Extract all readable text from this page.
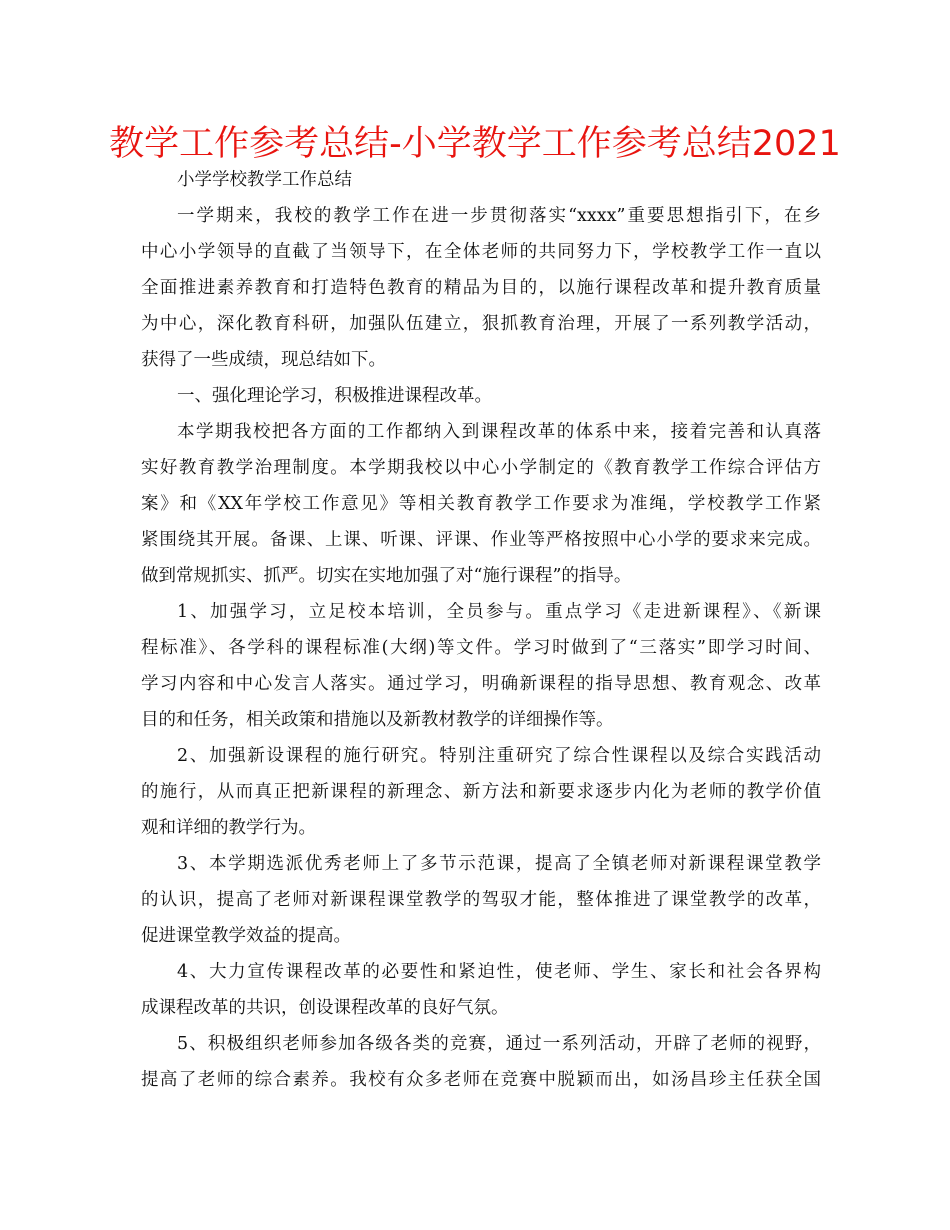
教学工作参考总结-小学教学工作参考总结2021
小学学校教学工作总结
一学期来，我校的教学工作在进一步贯彻落实“xxxx”重要思想指引下，在乡
中心小学领导的直截了当领导下，在全体老师的共同努力下，学校教学工作一直以
全面推进素养教育和打造特色教育的精品为目的，以施行课程改革和提升教育质量
为中心，深化教育科研，加强队伍建立，狠抓教育治理，开展了一系列教学活动，
获得了一些成绩，现总结如下。
一、强化理论学习，积极推进课程改革。
本学期我校把各方面的工作都纳入到课程改革的体系中来，接着完善和认真落
实好教育教学治理制度。本学期我校以中心小学制定的《教育教学工作综合评估方
案》和《XX年学校工作意见》等相关教育教学工作要求为准绳，学校教学工作紧
紧围绕其开展。备课、上课、听课、评课、作业等严格按照中心小学的要求来完成。
做到常规抓实、抓严。切实在实地加强了对“施行课程”的指导。
1、加强学习，立足校本培训，全员参与。重点学习《走进新课程》、《新课
程标准》、各学科的课程标准(大纲)等文件。学习时做到了“三落实”即学习时间、
学习内容和中心发言人落实。通过学习，明确新课程的指导思想、教育观念、改革
目的和任务，相关政策和措施以及新教材教学的详细操作等。
2、加强新设课程的施行研究。特别注重研究了综合性课程以及综合实践活动
的施行，从而真正把新课程的新理念、新方法和新要求逐步内化为老师的教学价值
观和详细的教学行为。
3、本学期选派优秀老师上了多节示范课，提高了全镇老师对新课程课堂教学
的认识，提高了老师对新课程课堂教学的驾驭才能，整体推进了课堂教学的改革，
促进课堂教学效益的提高。
4、大力宣传课程改革的必要性和紧迫性，使老师、学生、家长和社会各界构
成课程改革的共识，创设课程改革的良好气氛。
5、积极组织老师参加各级各类的竞赛，通过一系列活动，开辟了老师的视野，
提高了老师的综合素养。我校有众多老师在竞赛中脱颖而出，如汤昌珍主任获全国
